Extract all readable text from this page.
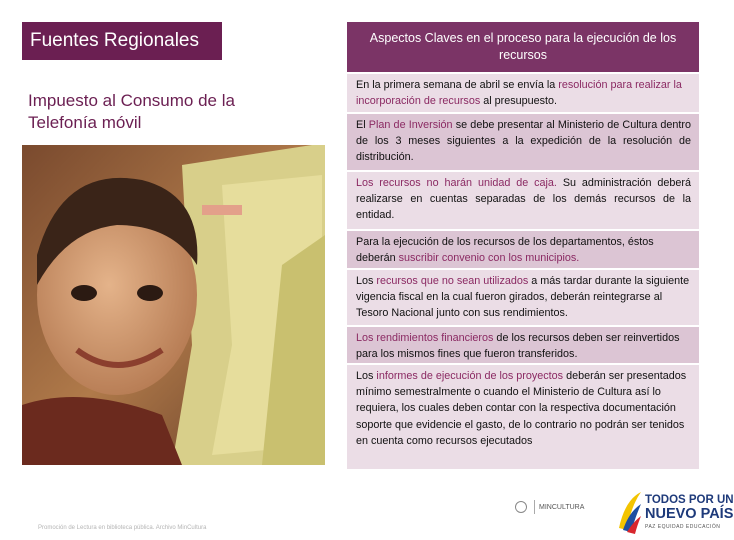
Fuentes Regionales
Impuesto al Consumo de la Telefonía móvil
Promoción de Lectura en biblioteca pública. Archivo MinCultura
Aspectos Claves en el proceso para la ejecución de los recursos
En la primera semana de abril se envía la resolución para realizar la incorporación de recursos al presupuesto.
El Plan de Inversión se debe presentar al Ministerio de Cultura dentro de los 3 meses siguientes a la expedición de la resolución de distribución.
Los recursos no harán unidad de caja. Su administración deberá realizarse en cuentas separadas de los demás recursos de la entidad.
Para la ejecución de los recursos de los departamentos, éstos deberán suscribir convenio con los municipios.
Los recursos que no sean utilizados a más tardar durante la siguiente vigencia fiscal en la cual fueron girados, deberán reintegrarse al Tesoro Nacional junto con sus rendimientos.
Los rendimientos financieros de los recursos deben ser reinvertidos para los mismos fines que fueron transferidos.
Los informes de ejecución de los proyectos deberán ser presentados mínimo semestralmente o cuando el Ministerio de Cultura así lo requiera, los cuales deben contar con la respectiva documentación soporte que evidencie el gasto, de lo contrario no podrán ser tenidos en cuenta como recursos ejecutados
MINCULTURA
TODOS POR UN
NUEVO PAÍS
PAZ EQUIDAD EDUCACIÓN
